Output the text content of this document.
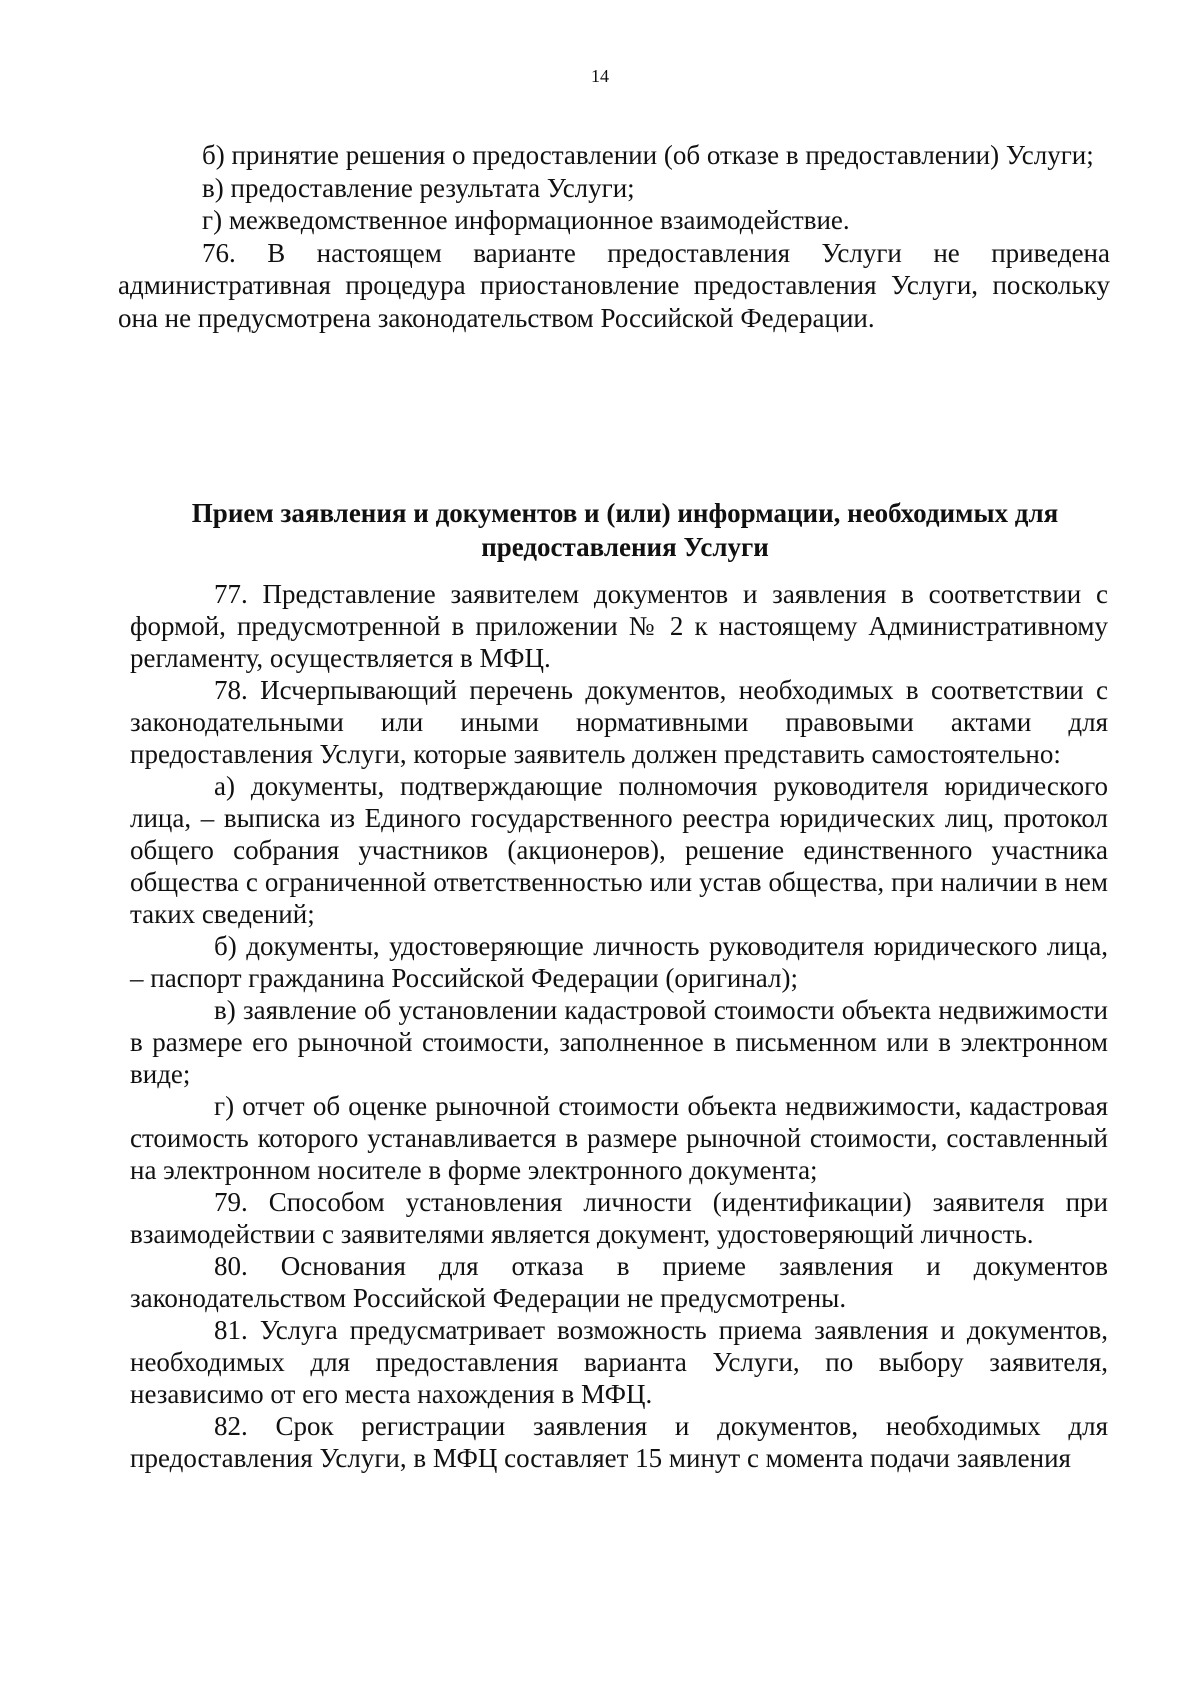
14

б) принятие решения о предоставлении (об отказе в предоставлении) Услуги;

в) предоставление результата Услуги;

г) межведомственное информационное взаимодействие.

76. В настоящем варианте предоставления Услуги не приведена административная процедура приостановление предоставления Услуги, поскольку она не предусмотрена законодательством Российской Федерации.

Прием заявления и документов и (или) информации, необходимых для
предоставления Услуги

77. Представление заявителем документов и заявления в соответствии с формой, предусмотренной в приложении № 2 к настоящему Административному регламенту, осуществляется в МФЦ.

78. Исчерпывающий перечень документов, необходимых в соответствии с законодательными или иными нормативными правовыми актами для предоставления Услуги, которые заявитель должен представить самостоятельно:

а) документы, подтверждающие полномочия руководителя юридического лица, – выписка из Единого государственного реестра юридических лиц, протокол общего собрания участников (акционеров), решение единственного участника общества с ограниченной ответственностью или устав общества, при наличии в нем таких сведений;

б) документы, удостоверяющие личность руководителя юридического лица, – паспорт гражданина Российской Федерации (оригинал);

в) заявление об установлении кадастровой стоимости объекта недвижимости в размере его рыночной стоимости, заполненное в письменном или в электронном виде;

г) отчет об оценке рыночной стоимости объекта недвижимости, кадастровая стоимость которого устанавливается в размере рыночной стоимости, составленный на электронном носителе в форме электронного документа;

79. Способом установления личности (идентификации) заявителя при взаимодействии с заявителями является документ, удостоверяющий личность.

80. Основания для отказа в приеме заявления и документов законодательством Российской Федерации не предусмотрены.

81. Услуга предусматривает возможность приема заявления и документов, необходимых для предоставления варианта Услуги, по выбору заявителя, независимо от его места нахождения в МФЦ.

82. Срок регистрации заявления и документов, необходимых для предоставления Услуги, в МФЦ составляет 15 минут с момента подачи заявления
